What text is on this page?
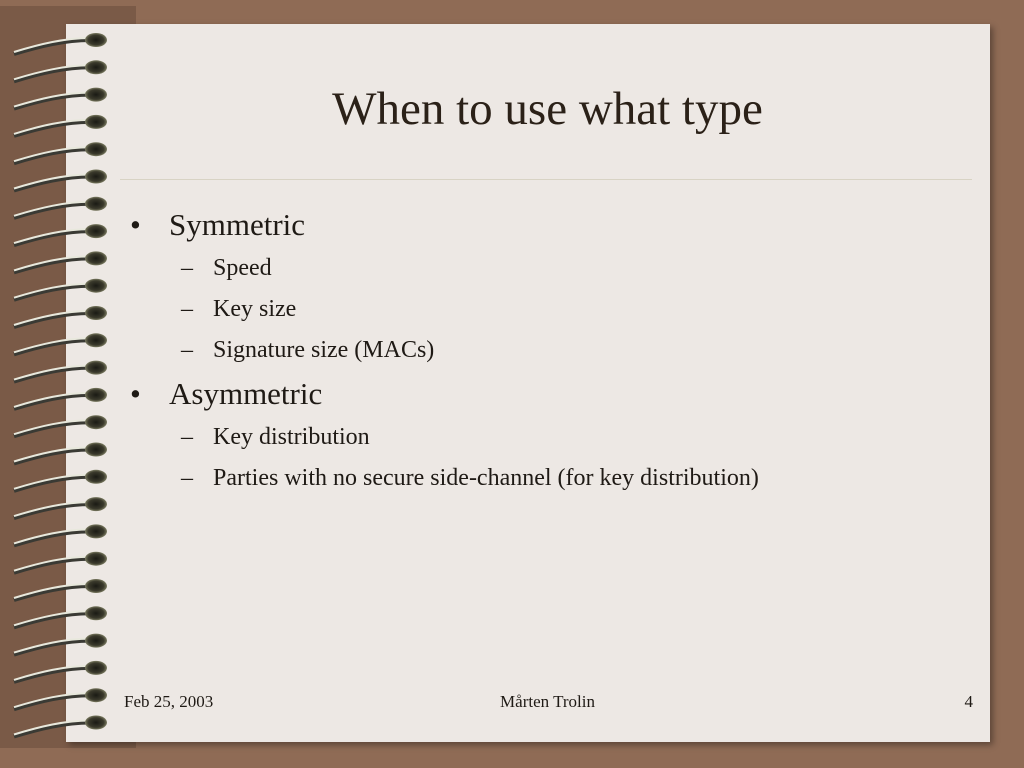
When to use what type
• Symmetric
– Speed
– Key size
– Signature size (MACs)
• Asymmetric
– Key distribution
– Parties with no secure side-channel (for key distribution)
Feb 25, 2003	Mårten Trolin	4
